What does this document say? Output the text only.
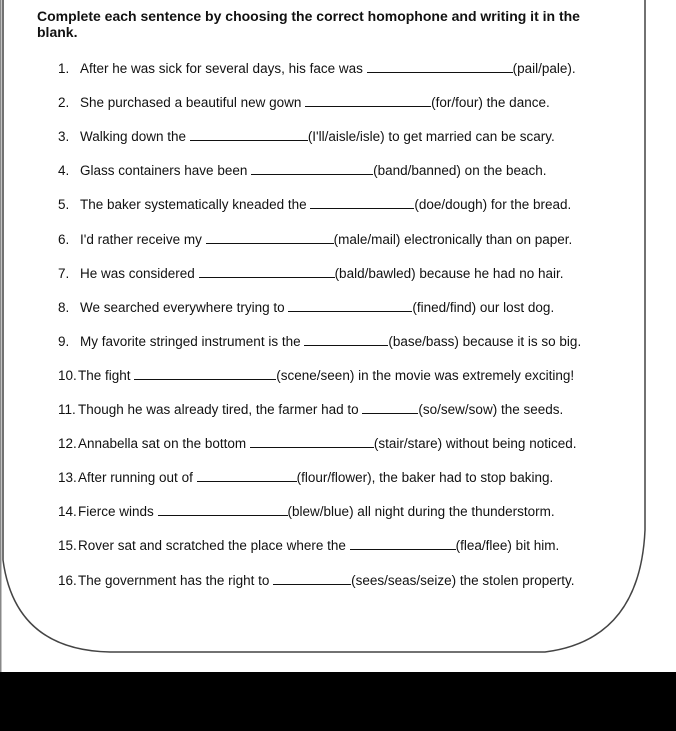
Complete each sentence by choosing the correct homophone and writing it in the blank.
1. After he was sick for several days, his face was	(pail/pale).
2. She purchased a beautiful new gown	(for/four) the dance.
3. Walking down the	(I'll/aisle/isle) to get married can be scary.
4. Glass containers have been	(band/banned) on the beach.
5. The baker systematically kneaded the	(doe/dough) for the bread.
6. I'd rather receive my	(male/mail) electronically than on paper.
7. He was considered	(bald/bawled) because he had no hair.
8. We searched everywhere trying to	(fined/find) our lost dog.
9. My favorite stringed instrument is the	(base/bass) because it is so big.
10.The fight	(scene/seen) in the movie was extremely exciting!
11. Though he was already tired, the farmer had to	(so/sew/sow) the seeds.
12.Annabella sat on the bottom	(stair/stare) without being noticed.
13.After running out of	(flour/flower), the baker had to stop baking.
14.Fierce winds	(blew/blue) all night during the thunderstorm.
15.Rover sat and scratched the place where the	(flea/flee) bit him.
16.The government has the right to	(sees/seas/seize) the stolen property.
